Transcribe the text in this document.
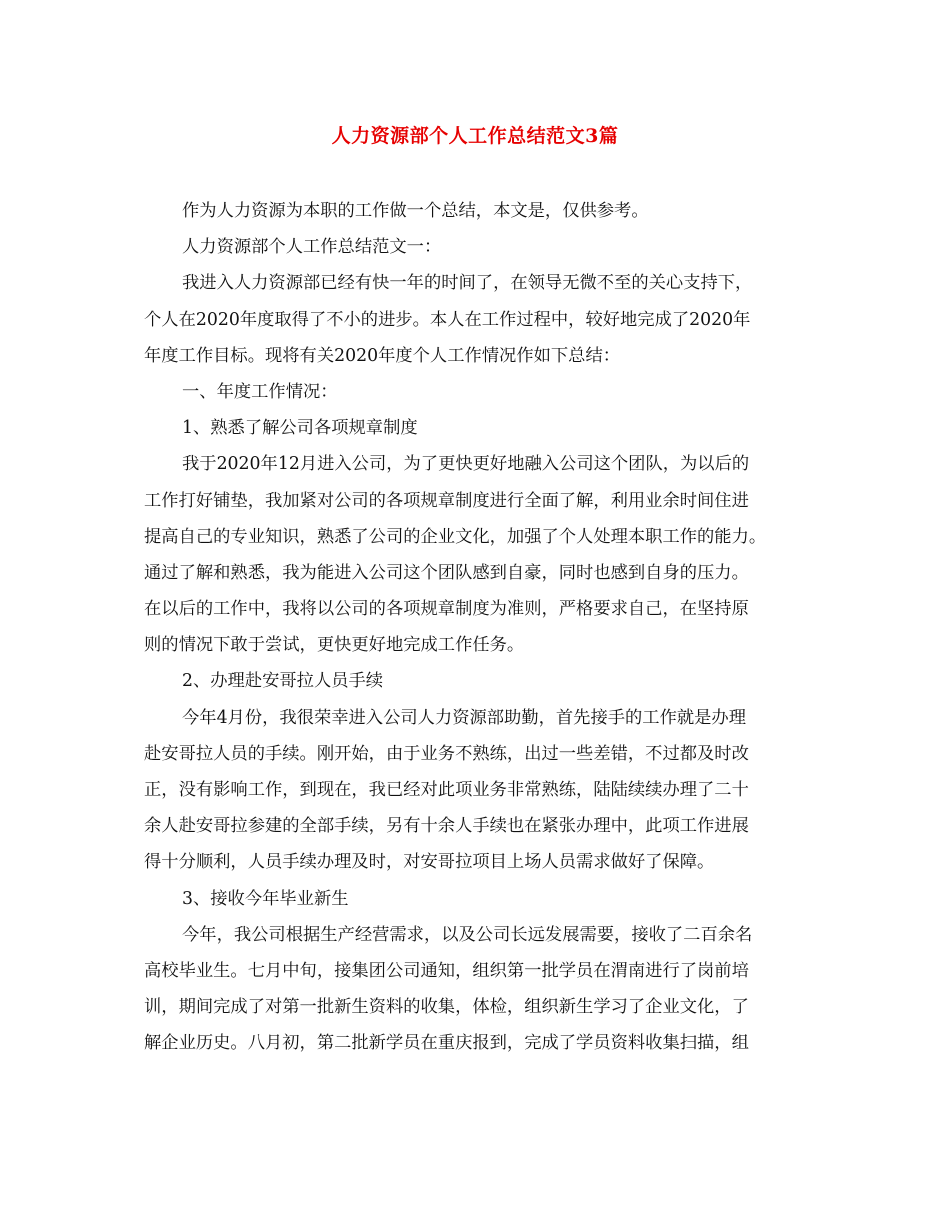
人力资源部个人工作总结范文3篇
作为人力资源为本职的工作做一个总结，本文是，仅供参考。
人力资源部个人工作总结范文一：
我进入人力资源部已经有快一年的时间了，在领导无微不至的关心支持下，
个人在2020年度取得了不小的进步。本人在工作过程中，较好地完成了2020年
年度工作目标。现将有关2020年度个人工作情况作如下总结：
一、年度工作情况：
1、熟悉了解公司各项规章制度
我于2020年12月进入公司，为了更快更好地融入公司这个团队，为以后的
工作打好铺垫，我加紧对公司的各项规章制度进行全面了解，利用业余时间住进
提高自己的专业知识，熟悉了公司的企业文化，加强了个人处理本职工作的能力。
通过了解和熟悉，我为能进入公司这个团队感到自豪，同时也感到自身的压力。
在以后的工作中，我将以公司的各项规章制度为准则，严格要求自己，在坚持原
则的情况下敢于尝试，更快更好地完成工作任务。
2、办理赴安哥拉人员手续
今年4月份，我很荣幸进入公司人力资源部助勤，首先接手的工作就是办理
赴安哥拉人员的手续。刚开始，由于业务不熟练，出过一些差错，不过都及时改
正，没有影响工作，到现在，我已经对此项业务非常熟练，陆陆续续办理了二十
余人赴安哥拉参建的全部手续，另有十余人手续也在紧张办理中，此项工作进展
得十分顺利，人员手续办理及时，对安哥拉项目上场人员需求做好了保障。
3、接收今年毕业新生
今年，我公司根据生产经营需求，以及公司长远发展需要，接收了二百余名
高校毕业生。七月中旬，接集团公司通知，组织第一批学员在渭南进行了岗前培
训，期间完成了对第一批新生资料的收集，体检，组织新生学习了企业文化，了
解企业历史。八月初，第二批新学员在重庆报到，完成了学员资料收集扫描，组
